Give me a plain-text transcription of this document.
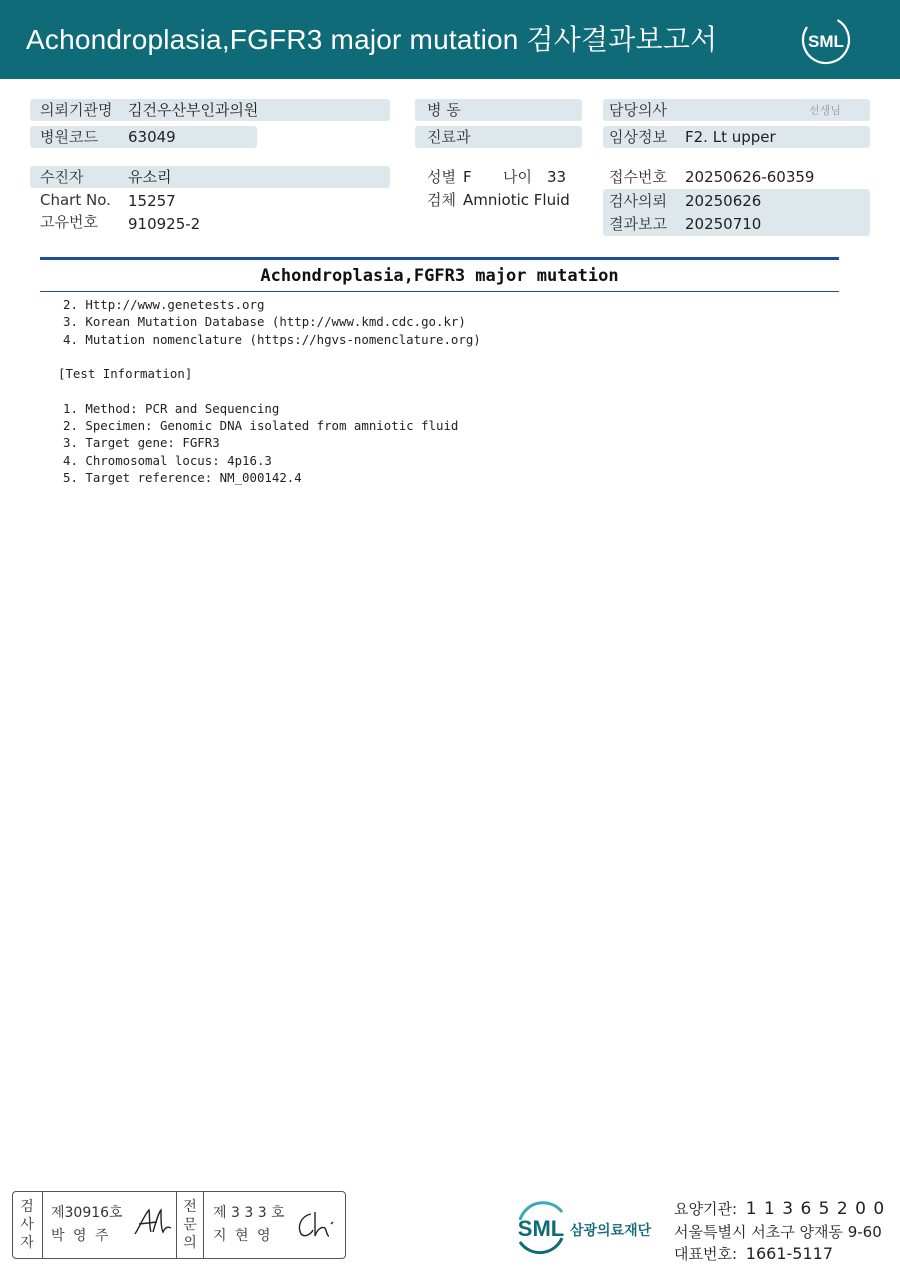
Achondroplasia,FGFR3 major mutation 검사결과보고서	SML
의뢰기관명 김건우산부인과의원
병원코드 63049
수진자	유소리
Chart No. 15257
고유번호 910925-2
병 동
진료과
성별 F 나이 33
검체 Amniotic Fluid
담당의사	선생님
임상정보 F2. Lt upper
접수번호 20250626-60359
검사의뢰 20250626
결과보고 20250710
Achondroplasia,FGFR3 major mutation
2. Http://www.genetests.org
3. Korean Mutation Database (http://www.kmd.cdc.go.kr)
4. Mutation nomenclature (https://hgvs-nomenclature.org)

[Test Information]

1. Method: PCR and Sequencing
2. Specimen: Genomic DNA isolated from amniotic fluid
3. Target gene: FGFR3
4. Chromosomal locus: 4p16.3
5. Target reference: NM_000142.4
검
사
자
제30916호
박 영 주
전
문
의
제 3 3 3 호
지 현 영	SML 삼광의료재단
요양기관: 1 1 3 6 5 2 0 0
서울특별시 서초구 양재동 9-60
대표번호: 1661-5117
